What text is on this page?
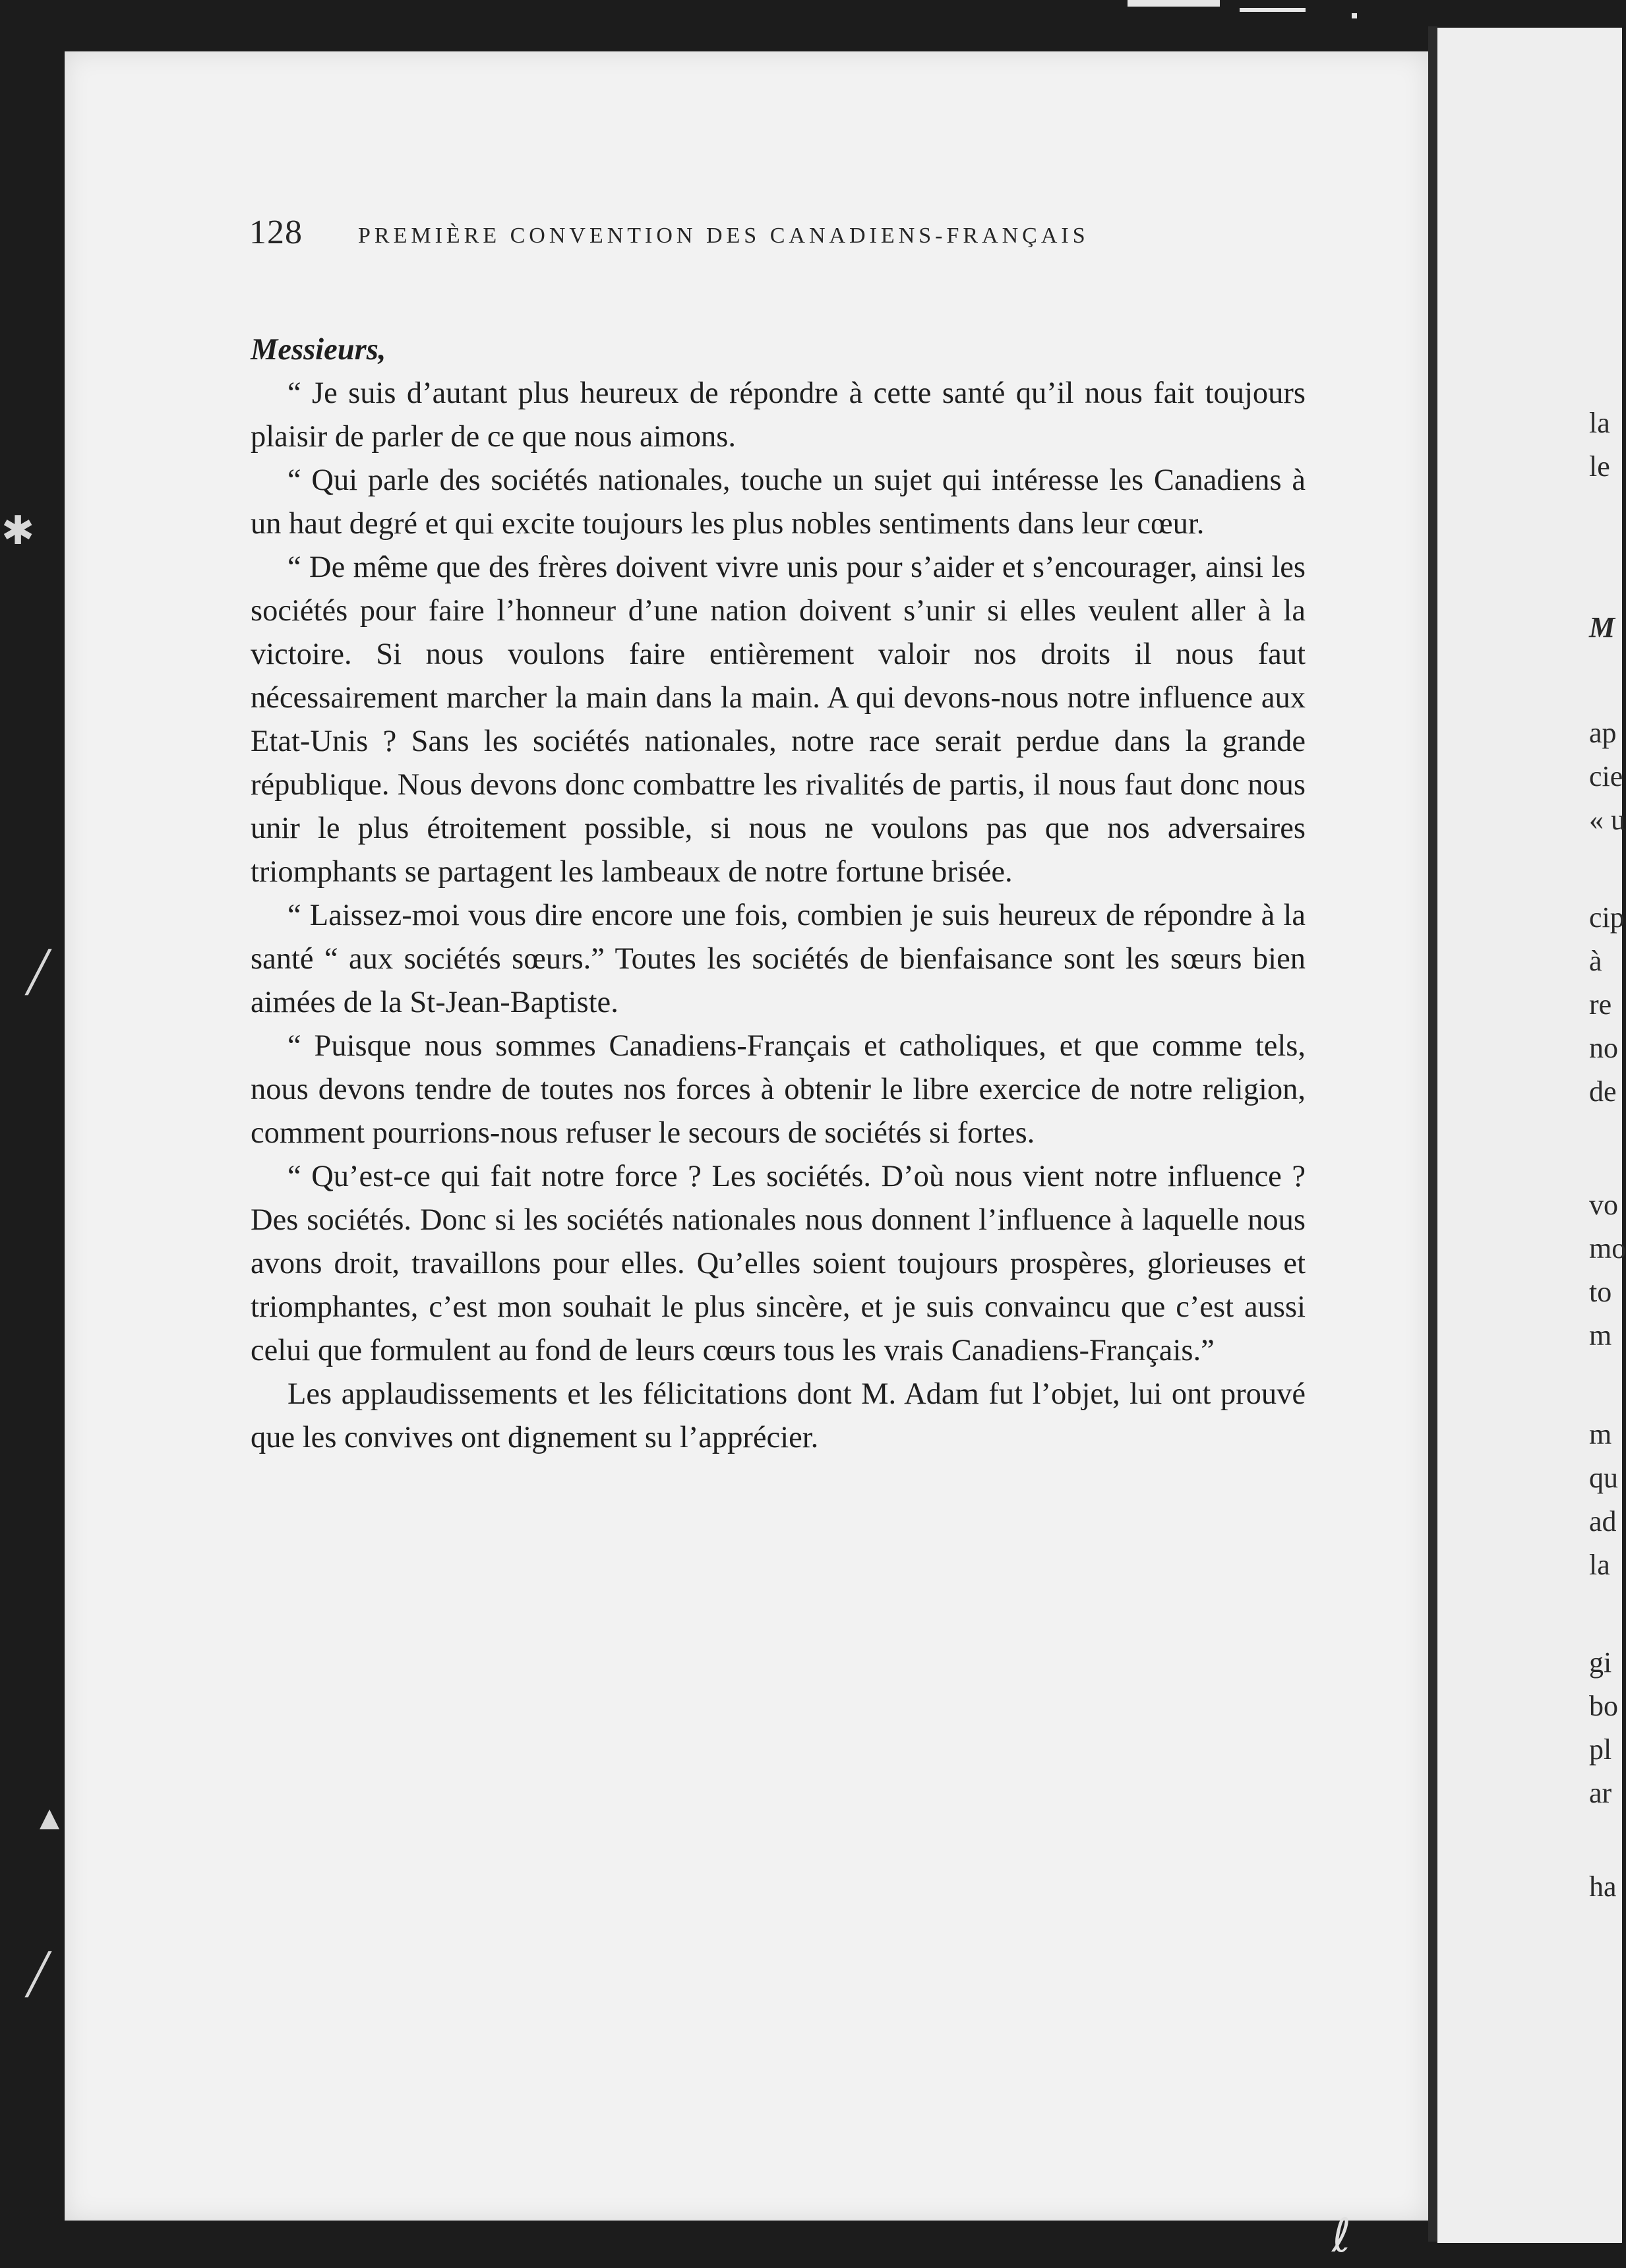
✱
╱
▴
╱
128 PREMIÈRE CONVENTION DES CANADIENS-FRANÇAIS

Messieurs,

“ Je suis d’autant plus heureux de répondre à cette santé qu’il nous fait toujours plaisir de parler de ce que nous aimons.

“ Qui parle des sociétés nationales, touche un sujet qui intéresse les Canadiens à un haut degré et qui excite toujours les plus nobles sentiments dans leur cœur.

“ De même que des frères doivent vivre unis pour s’aider et s’encourager, ainsi les sociétés pour faire l’honneur d’une nation doivent s’unir si elles veulent aller à la victoire. Si nous voulons faire entièrement valoir nos droits il nous faut nécessairement marcher la main dans la main. A qui devons-nous notre influence aux Etat-Unis ? Sans les sociétés nationales, notre race serait perdue dans la grande république. Nous devons donc combattre les rivalités de partis, il nous faut donc nous unir le plus étroitement possible, si nous ne voulons pas que nos adversaires triomphants se partagent les lambeaux de notre fortune brisée.

“ Laissez-moi vous dire encore une fois, combien je suis heureux de répondre à la santé “ aux sociétés sœurs.” Toutes les sociétés de bienfaisance sont les sœurs bien aimées de la St-Jean-Baptiste.

“ Puisque nous sommes Canadiens-Français et catholiques, et que comme tels, nous devons tendre de toutes nos forces à obtenir le libre exercice de notre religion, comment pourrions-nous refuser le secours de sociétés si fortes.

“ Qu’est-ce qui fait notre force ? Les sociétés. D’où nous vient notre influence ? Des sociétés. Donc si les sociétés nationales nous donnent l’influence à laquelle nous avons droit, travaillons pour elles. Qu’elles soient toujours prospères, glorieuses et triomphantes, c’est mon souhait le plus sincère, et je suis convaincu que c’est aussi celui que formulent au fond de leurs cœurs tous les vrais Canadiens-Français.”

Les applaudissements et les félicitations dont M. Adam fut l’objet, lui ont prouvé que les convives ont dignement su l’apprécier.

la
le
M
ap
cie
« u
cip
à
re
no
de
vo
mo
to
m
m
qu
ad
la
gi
bo
pl
ar
ha
ℓ
